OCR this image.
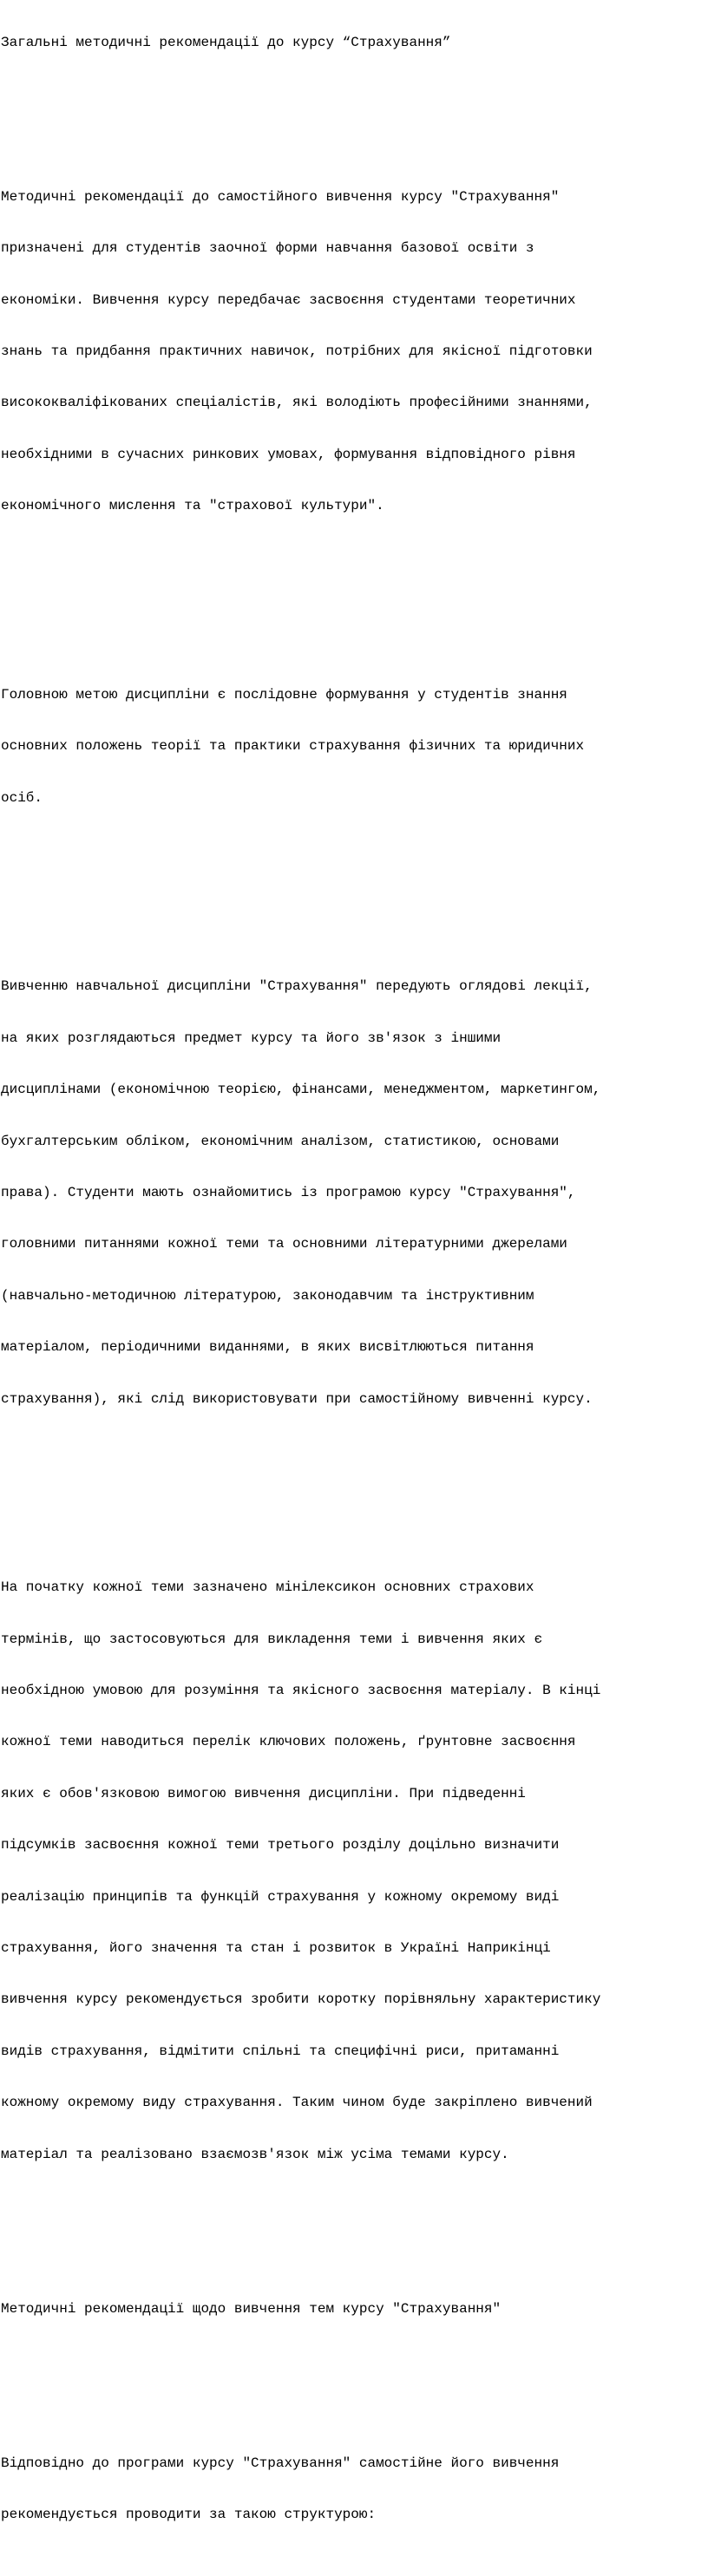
Загальні методичні рекомендації до курсу “Страхування”

Методичні рекомендації до самостійного вивчення курсу "Страхування"

призначені для студентів заочної форми навчання базової освіти з

економіки. Вивчення курсу передбачає засвоєння студентами теоретичних

знань та придбання практичних навичок, потрібних для якісної підготовки

висококваліфікованих спеціалістів, які володіють професійними знаннями,

необхідними в сучасних ринкових умовах, формування відповідного рівня

економічного мислення та "страхової культури".

Головною метою дисципліни є послідовне формування у студентів знання

основних положень теорії та практики страхування фізичних та юридичних

осіб.

Вивченню навчальної дисципліни "Страхування" передують оглядові лекції,

на яких розглядаються предмет курсу та його зв'язок з іншими

дисциплінами (економічною теорією, фінансами, менеджментом, маркетингом,

бухгалтерським обліком, економічним аналізом, статистикою, основами

права). Студенти мають ознайомитись із програмою курсу "Страхування",

головними питаннями кожної теми та основними літературними джерелами

(навчально-методичною літературою, законодавчим та інструктивним

матеріалом, періодичними виданнями, в яких висвітлюються питання

страхування), які слід використовувати при самостійному вивченні курсу.

На початку кожної теми зазначено мінілексикон основних страхових

термінів, що застосовуються для викладення теми і вивчення яких є

необхідною умовою для розуміння та якісного засвоєння матеріалу. В кінці

кожної теми наводиться перелік ключових положень, ґрунтовне засвоєння

яких є обов'язковою вимогою вивчення дисципліни. При підведенні

підсумків засвоєння кожної теми третього розділу доцільно визначити

реалізацію принципів та функцій страхування у кожному окремому виді

страхування, його значення та стан і розвиток в Україні Наприкінці

вивчення курсу рекомендується зробити коротку порівняльну характеристику

видів страхування, відмітити спільні та специфічні риси, притаманні

кожному окремому виду страхування. Таким чином буде закріплено вивчений

матеріал та реалізовано взаємозв'язок між усіма темами курсу.

Методичні рекомендації щодо вивчення тем курсу "Страхування"

Відповідно до програми курсу "Страхування" самостійне його вивчення

рекомендується проводити за такою структурою:
